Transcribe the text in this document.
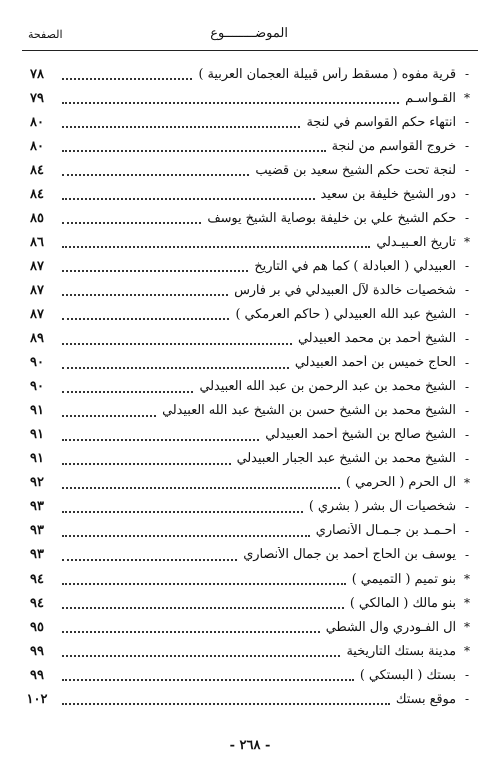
الموضــــــــوع
الصفحة
-
قرية مفوه ( مسقط رأس قبيلة العجمان العربية )
٧٨
*
القـواسـم
٧٩
-
انتهاء حكم القواسم في لنجة
٨٠
-
خروج القواسم من لنجة
٨٠
-
لنجة تحت حكم الشيخ سعيد بن قضيب
٨٤
-
دور الشيخ خليفة بن سعيد
٨٤
-
حكم الشيخ علي بن خليفة بوصاية الشيخ يوسف
٨٥
*
تاريخ العـبيـدلي
٨٦
-
العبيدلي ( العبادلة ) كما هم في التاريخ
٨٧
-
شخصيات خالدة لآل العبيدلي في بر فارس
٨٧
-
الشيخ عبد الله العبيدلي ( حاكم العرمكي )
٨٧
-
الشيخ أحمد بن محمد العبيدلي
٨٩
-
الحاج خميس بن أحمد العبيدلي
٩٠
-
الشيخ محمد بن عبد الرحمن بن عبد الله العبيدلي
٩٠
-
الشيخ محمد بن الشيخ حسن بن الشيخ عبد الله العبيدلي
٩١
-
الشيخ صالح بن الشيخ أحمد العبيدلي
٩١
-
الشيخ محمد بن الشيخ عبد الجبار العبيدلي
٩١
*
آل الحرم ( الحرمي )
٩٢
-
شخصيات آل بشر ( بشري )
٩٣
-
أحـمـد بن جـمـال الأنصاري
٩٣
-
يوسف بن الحاج أحمد بن جمال الأنصاري
٩٣
*
بنو تميم ( التميمي )
٩٤
*
بنو مالك ( المالكي )
٩٤
*
آل الفـودري وآل الشطي
٩٥
*
مدينة بستك التاريخية
٩٩
-
بستك ( البستكي )
٩٩
-
موقع بستك
١٠٢
- ٢٦٨ -
